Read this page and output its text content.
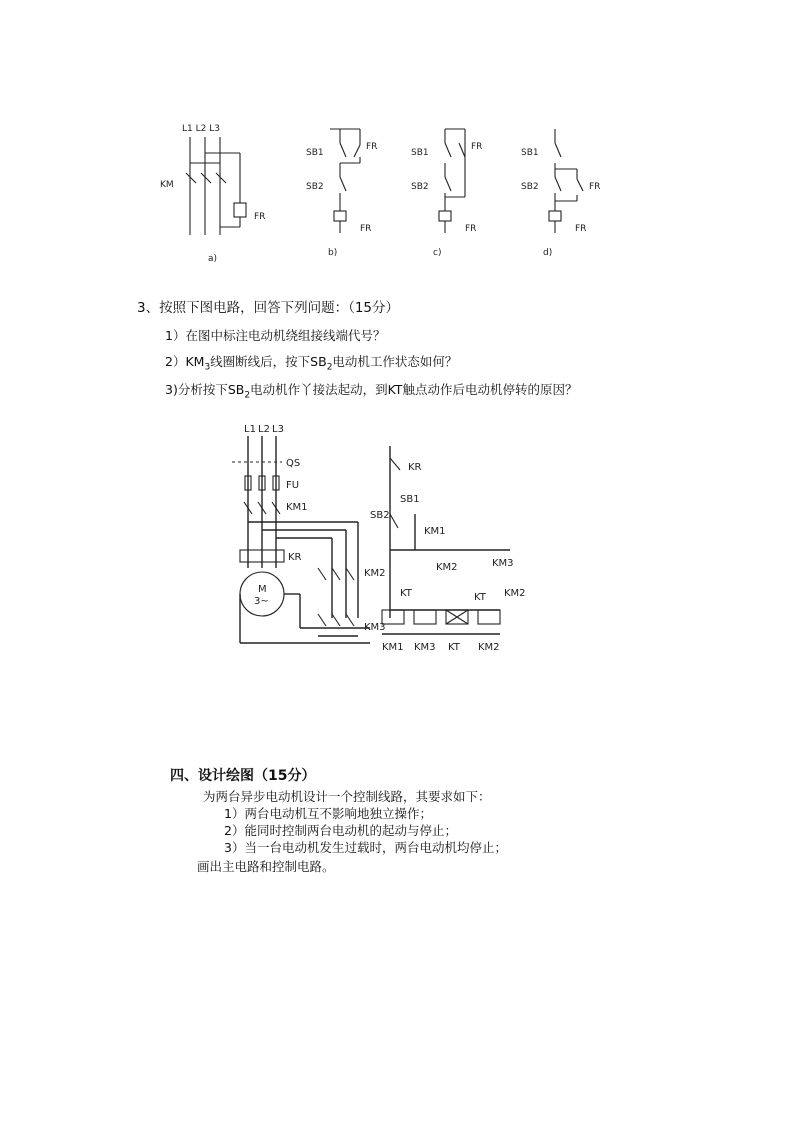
L1 L2 L3
KM
FR
a)
SB1
FR
SB2
FR
b)
SB1
FR
SB2
FR
c)
SB1
FR
SB2
FR
d)
3、按照下图电路，回答下列问题：（15分）
1）在图中标注电动机绕组接线端代号？
$2)KM_3$线圈断线后，按下$SB_2$电动机工作状态如何？
3)分析按下$SB_2$电动机作丫接法起动，到KT触点动作后电动机停转的原因？
L1 L2 L3
QS
FU
KM1
KR
KM2
M
3~
KM3
KR
SB1
SB2
KM1
KM2	KM3
KT	KT KM2
KM1 KM3 KT KM2
四、设计绘图（15分）
为两台异步电动机设计一个控制线路，其要求如下：
1）两台电动机互不影响地独立操作；
2）能同时控制两台电动机的起动与停止；
3）当一台电动机发生过载时，两台电动机均停止；
画出主电路和控制电路。
